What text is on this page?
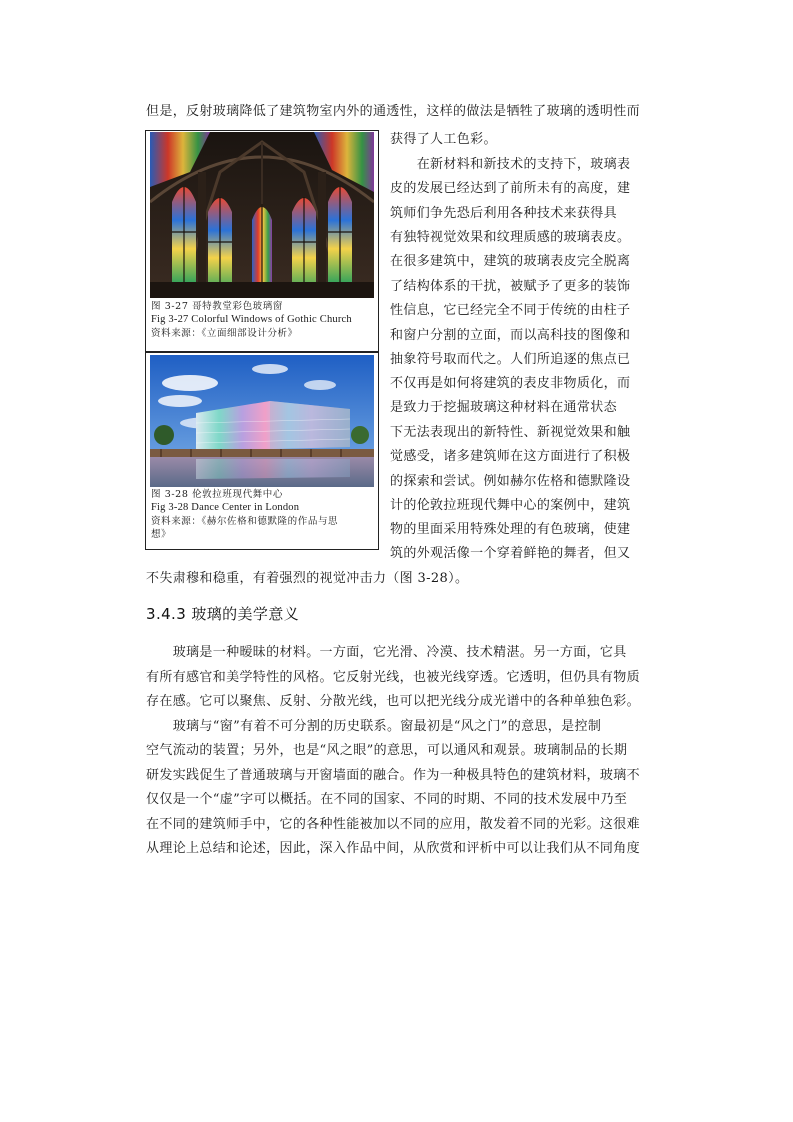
但是，反射玻璃降低了建筑物室内外的通透性，这样的做法是牺牲了玻璃的透明性而
获得了人工色彩。
　　在新材料和新技术的支持下，玻璃表
皮的发展已经达到了前所未有的高度，建
筑师们争先恐后利用各种技术来获得具
有独特视觉效果和纹理质感的玻璃表皮。
在很多建筑中，建筑的玻璃表皮完全脱离
了结构体系的干扰，被赋予了更多的装饰
性信息，它已经完全不同于传统的由柱子
和窗户分割的立面，而以高科技的图像和
抽象符号取而代之。人们所追逐的焦点已
不仅再是如何将建筑的表皮非物质化，而
是致力于挖掘玻璃这种材料在通常状态
下无法表现出的新特性、新视觉效果和触
觉感受，诸多建筑师在这方面进行了积极
的探索和尝试。例如赫尔佐格和德默隆设
计的伦敦拉班现代舞中心的案例中，建筑
物的里面采用特殊处理的有色玻璃，使建
筑的外观活像一个穿着鲜艳的舞者，但又
不失肃穆和稳重，有着强烈的视觉冲击力（图 3-28）。
图 3-27 哥特教堂彩色玻璃窗
Fig 3-27 Colorful Windows of Gothic Church
资料来源：《立面细部设计分析》
图 3-28 伦敦拉班现代舞中心
Fig 3-28 Dance Center in London
资料来源：《赫尔佐格和德默隆的作品与思
想》
3.4.3 玻璃的美学意义
　　玻璃是一种暧昧的材料。一方面，它光滑、冷漠、技术精湛。另一方面，它具
有所有感官和美学特性的风格。它反射光线，也被光线穿透。它透明，但仍具有物质
存在感。它可以聚焦、反射、分散光线，也可以把光线分成光谱中的各种单独色彩。
　　玻璃与“窗”有着不可分割的历史联系。窗最初是“风之门”的意思，是控制
空气流动的装置；另外，也是“风之眼”的意思，可以通风和观景。玻璃制品的长期
研发实践促生了普通玻璃与开窗墙面的融合。作为一种极具特色的建筑材料，玻璃不
仅仅是一个“虚”字可以概括。在不同的国家、不同的时期、不同的技术发展中乃至
在不同的建筑师手中，它的各种性能被加以不同的应用，散发着不同的光彩。这很难
从理论上总结和论述，因此，深入作品中间，从欣赏和评析中可以让我们从不同角度
